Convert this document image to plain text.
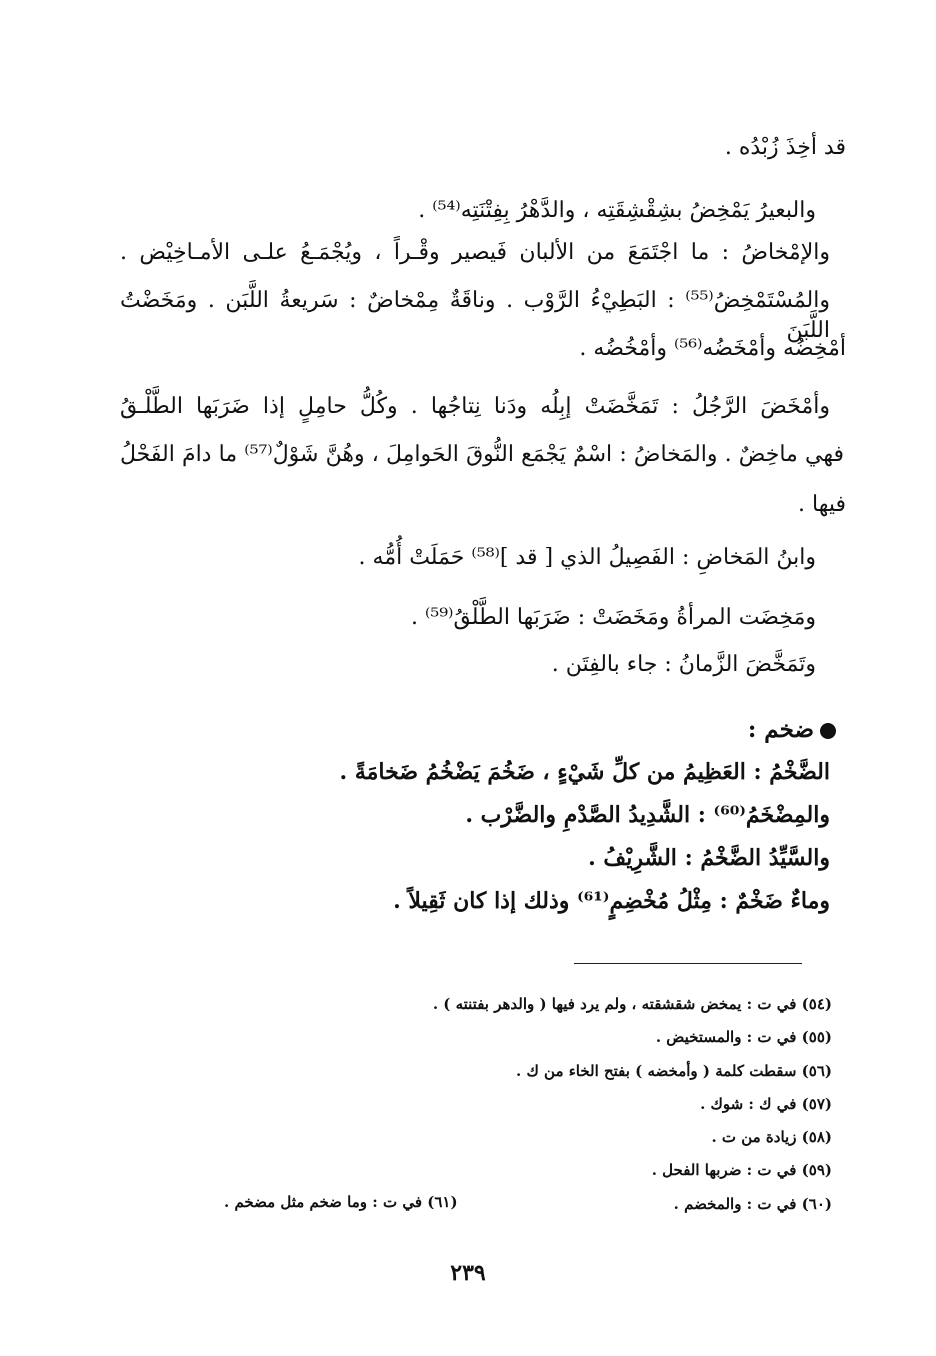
قد أخِذَ زُبْدُه .
والبعيرُ يَمْخِضُ بشِقْشِقَتِه ، والدَّهْرُ بِفِتْنَتِه⁽⁵⁴⁾ .
والإمْخاضُ : ما اجْتَمَعَ من الألبان فَيصير وقْـراً ، ويُجْمَـعُ علـى الأمـاخِيْض .
والمُسْتَمْخِضُ⁽⁵⁵⁾ : البَطِيْءُ الرَّوْب . وناقَةٌ مِمْخاضٌ : سَريعةُ اللَّبَن . ومَخَضْتُ اللَّبَنَ
أمْخِضُه وأمْخَضُه⁽⁵⁶⁾ وأمْخُضُه .
وأمْخَضَ الرَّجُلُ : تَمَخَّضَتْ إبِلُه ودَنا نِتاجُها . وكُلُّ حامِلٍ إذا ضَرَبَها الطَّلْـقُ
فهي ماخِضٌ . والمَخاضُ : اسْمٌ يَجْمَع النُّوقَ الحَوامِلَ ، وهُنَّ شَوْلٌ⁽⁵⁷⁾ ما دامَ الفَحْلُ
فيها .
وابنُ المَخاضِ : الفَصِيلُ الذي [ قد ]⁽⁵⁸⁾ حَمَلَتْ أُمُّه .
ومَخِضَت المرأةُ ومَخَضَتْ : ضَرَبَها الطَّلْقُ⁽⁵⁹⁾ .
وتَمَخَّضَ الزَّمانُ : جاء بالفِتَن .
ضخم :
الضَّخْمُ : العَظِيمُ من كلِّ شَيْءٍ ، ضَخُمَ يَضْخُمُ ضَخامَةً .
والمِضْخَمُ⁽⁶⁰⁾ : الشَّدِيدُ الصَّدْمِ والضَّرْب .
والسَّيِّدُ الضَّخْمُ : الشَّرِيْفُ .
وماءٌ ضَخْمٌ : مِثْلُ مُخْضِمٍ⁽⁶¹⁾ وذلك إذا كان ثَقِيلاً .
(٥٤) في ت : يمخض شقشقته ، ولم يرد فيها ( والدهر بفتنته ) .
(٥٥) في ت : والمستخيض .
(٥٦) سقطت كلمة ( وأمخضه ) بفتح الخاء من ك .
(٥٧) في ك : شوك .
(٥٨) زيادة من ت .
(٥٩) في ت : ضربها الفحل .
(٦٠) في ت : والمخضم .
(٦١) في ت : وما ضخم مثل مضخم .
٢٣٩
